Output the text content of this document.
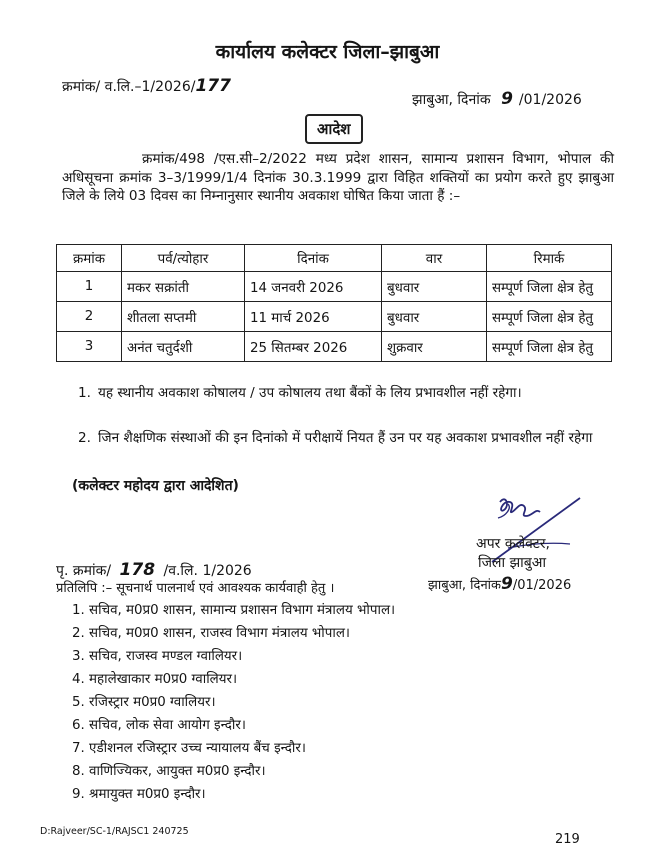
कार्यालय कलेक्टर जिला–झाबुआ
क्रमांक/ व.लि.–1/2026/177
झाबुआ, दिनांक 9 /01/2026
आदेश
क्रमांक/498 /एस.सी–2/2022 मध्य प्रदेश शासन, सामान्य प्रशासन विभाग, भोपाल की अधिसूचना क्रमांक 3–3/1999/1/4 दिनांक 30.3.1999 द्वारा विहित शक्तियों का प्रयोग करते हुए झाबुआ जिले के लिये 03 दिवस का निम्नानुसार स्थानीय अवकाश घोषित किया जाता हैं :–
क्रमांक	पर्व/त्योहार	दिनांक	वार	रिमार्क
1	मकर सक्रांती	14 जनवरी 2026	बुधवार	सम्पूर्ण जिला क्षेत्र हेतु
2	शीतला सप्तमी	11 मार्च 2026	बुधवार	सम्पूर्ण जिला क्षेत्र हेतु
3	अनंत चतुर्दशी	25 सितम्बर 2026	शुक्रवार	सम्पूर्ण जिला क्षेत्र हेतु
1. यह स्थानीय अवकाश कोषालय / उप कोषालय तथा बैंकों के लिय प्रभावशील नहीं रहेगा।
2. जिन शैक्षणिक संस्थाओं की इन दिनांको में परीक्षायें नियत हैं उन पर यह अवकाश प्रभावशील नहीं रहेगा
(कलेक्टर महोदय द्वारा आदेशित)
अपर कलेक्टर,
जिला झाबुआ
पृ. क्रमांक/ 178 /व.लि. 1/2026
प्रतिलिपि :– सूचनार्थ पालनार्थ एवं आवश्यक कार्यवाही हेतु ।	झाबुआ, दिनांक9/01/2026
1. सचिव, म0प्र0 शासन, सामान्य प्रशासन विभाग मंत्रालय भोपाल।
2. सचिव, म0प्र0 शासन, राजस्व विभाग मंत्रालय भोपाल।
3. सचिव, राजस्व मण्डल ग्वालियर।
4. महालेखाकार म0प्र0 ग्वालियर।
5. रजिस्ट्रार म0प्र0 ग्वालियर।
6. सचिव, लोक सेवा आयोग इन्दौर।
7. एडीशनल रजिस्ट्रार उच्च न्यायालय बैंच इन्दौर।
8. वाणिज्यिकर, आयुक्त म0प्र0 इन्दौर।
9. श्रमायुक्त म0प्र0 इन्दौर।
D:Rajveer/SC-1/RAJSC1 240725
219
